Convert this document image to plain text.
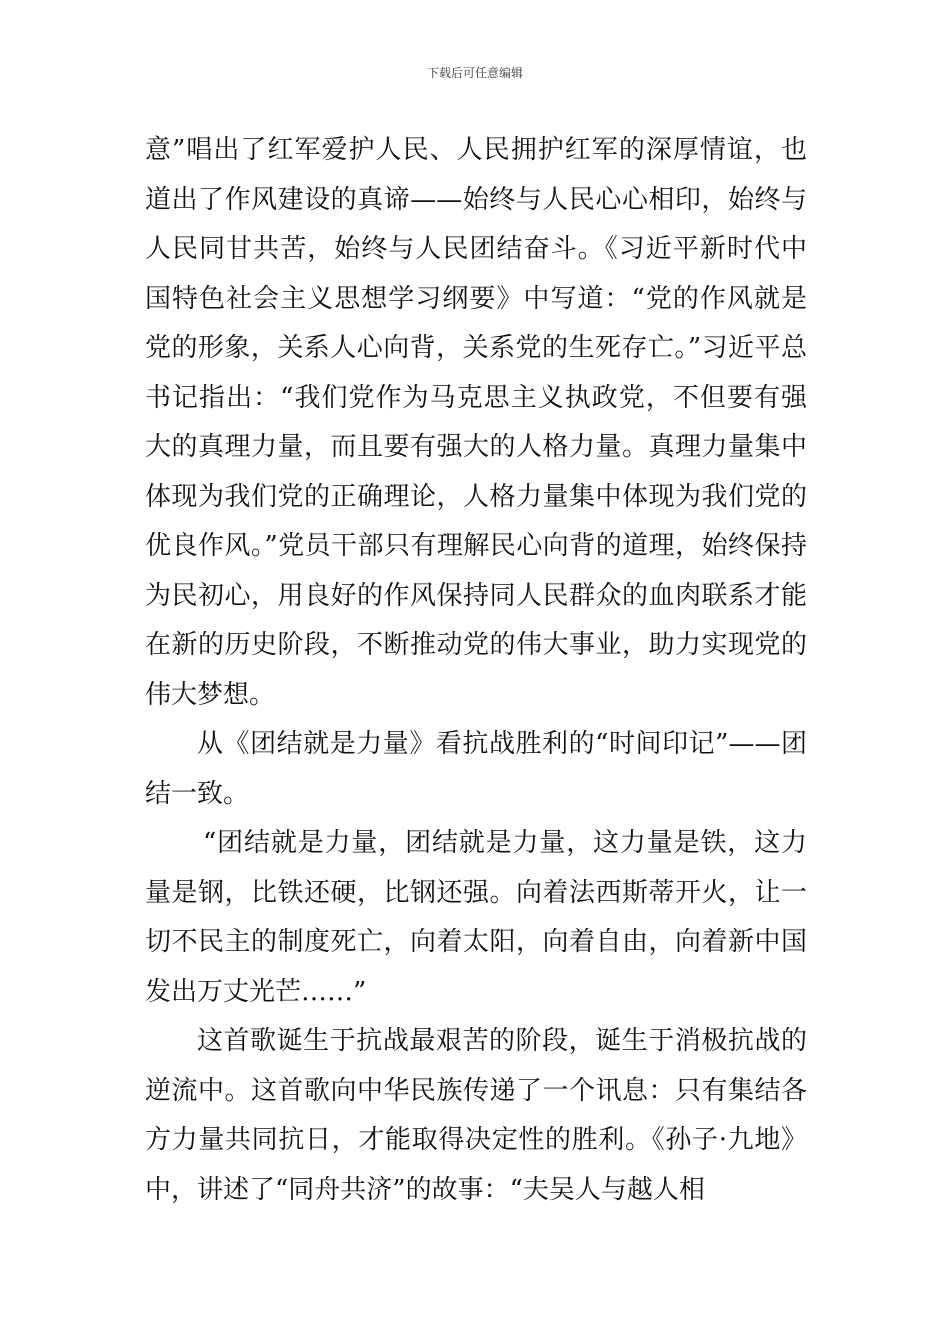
下载后可任意编辑

意”唱出了红军爱护人民、人民拥护红军的深厚情谊，也道出了作风建设的真谛——始终与人民心心相印，始终与人民同甘共苦，始终与人民团结奋斗。《习近平新时代中国特色社会主义思想学习纲要》中写道：“党的作风就是党的形象，关系人心向背，关系党的生死存亡。”习近平总书记指出：“我们党作为马克思主义执政党，不但要有强大的真理力量，而且要有强大的人格力量。真理力量集中体现为我们党的正确理论，人格力量集中体现为我们党的优良作风。”党员干部只有理解民心向背的道理，始终保持为民初心，用良好的作风保持同人民群众的血肉联系才能在新的历史阶段，不断推动党的伟大事业，助力实现党的伟大梦想。

从《团结就是力量》看抗战胜利的“时间印记”——团结一致。

“团结就是力量，团结就是力量，这力量是铁，这力量是钢，比铁还硬，比钢还强。向着法西斯蒂开火，让一切不民主的制度死亡，向着太阳，向着自由，向着新中国发出万丈光芒……”

这首歌诞生于抗战最艰苦的阶段，诞生于消极抗战的逆流中。这首歌向中华民族传递了一个讯息：只有集结各方力量共同抗日，才能取得决定性的胜利。《孙子·九地》中，讲述了“同舟共济”的故事：“夫吴人与越人相
